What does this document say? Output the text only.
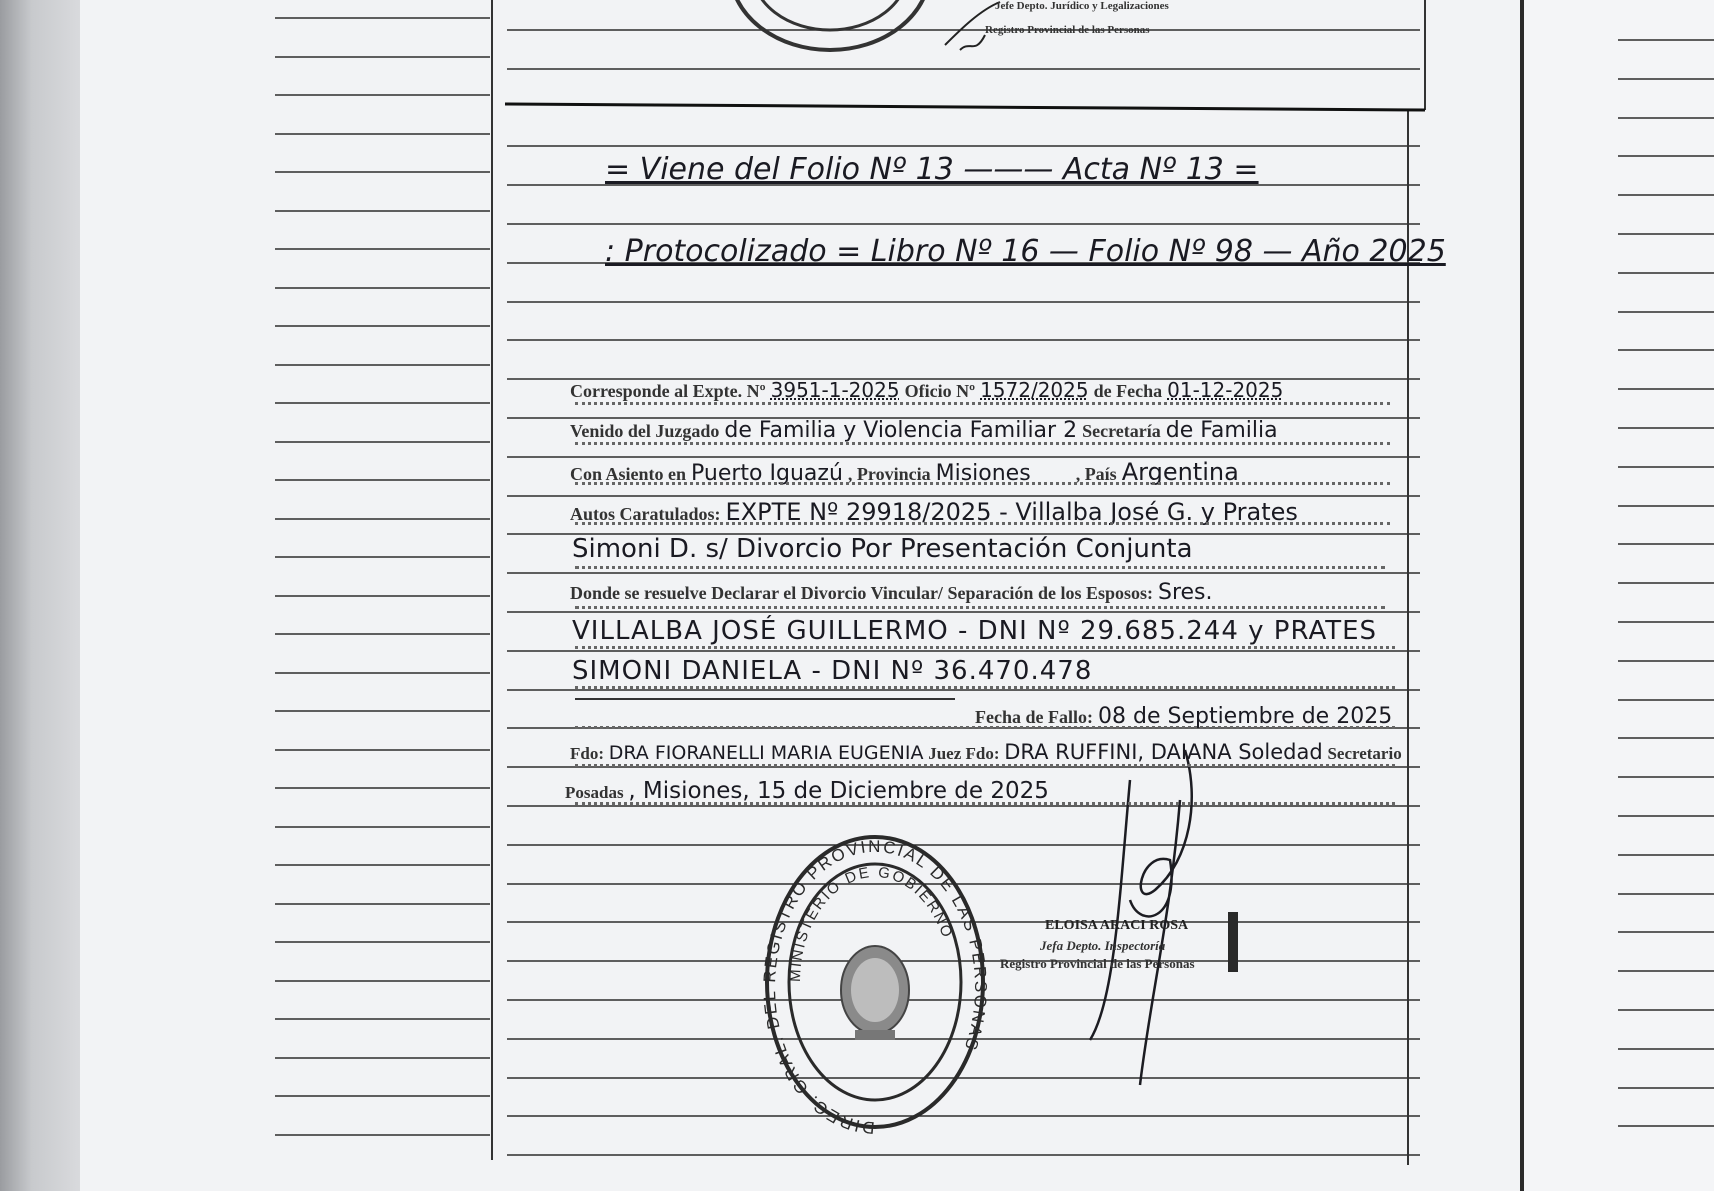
Jefe Depto. Jurídico y Legalizaciones
Registro Provincial de las Personas
= Viene del Folio Nº 13 ——— Acta Nº 13 =
: Protocolizado = Libro Nº 16 — Folio Nº 98 — Año 2025
Corresponde al Expte. Nº 3951-1-2025 Oficio Nº 1572/2025 de Fecha 01-12-2025
Venido del Juzgado de Familia y Violencia Familiar 2 Secretaría de Familia
Con Asiento en Puerto Iguazú , Provincia Misiones	, País Argentina
Autos Caratulados: EXPTE Nº 29918/2025 - Villalba José G. y Prates
Simoni D. s/ Divorcio Por Presentación Conjunta
Donde se resuelve Declarar el Divorcio Vincular/ Separación de los Esposos: Sres.
VILLALBA JOSÉ GUILLERMO - DNI Nº 29.685.244 y PRATES
SIMONI DANIELA - DNI Nº 36.470.478
Fecha de Fallo: 08 de Septiembre de 2025
Fdo: DRA FIORANELLI MARIA EUGENIA Juez Fdo: DRA RUFFINI, DAIANA Soledad Secretario
Posadas , Misiones, 15 de Diciembre de 2025
DIREC. GRAL. DEL REGISTRO PROVINCIAL DE LAS PERSONAS
MINISTERIO DE GOBIERNO	ELOISA ARACI ROSA
Jefa Depto. Inspectoría
Registro Provincial de las Personas
